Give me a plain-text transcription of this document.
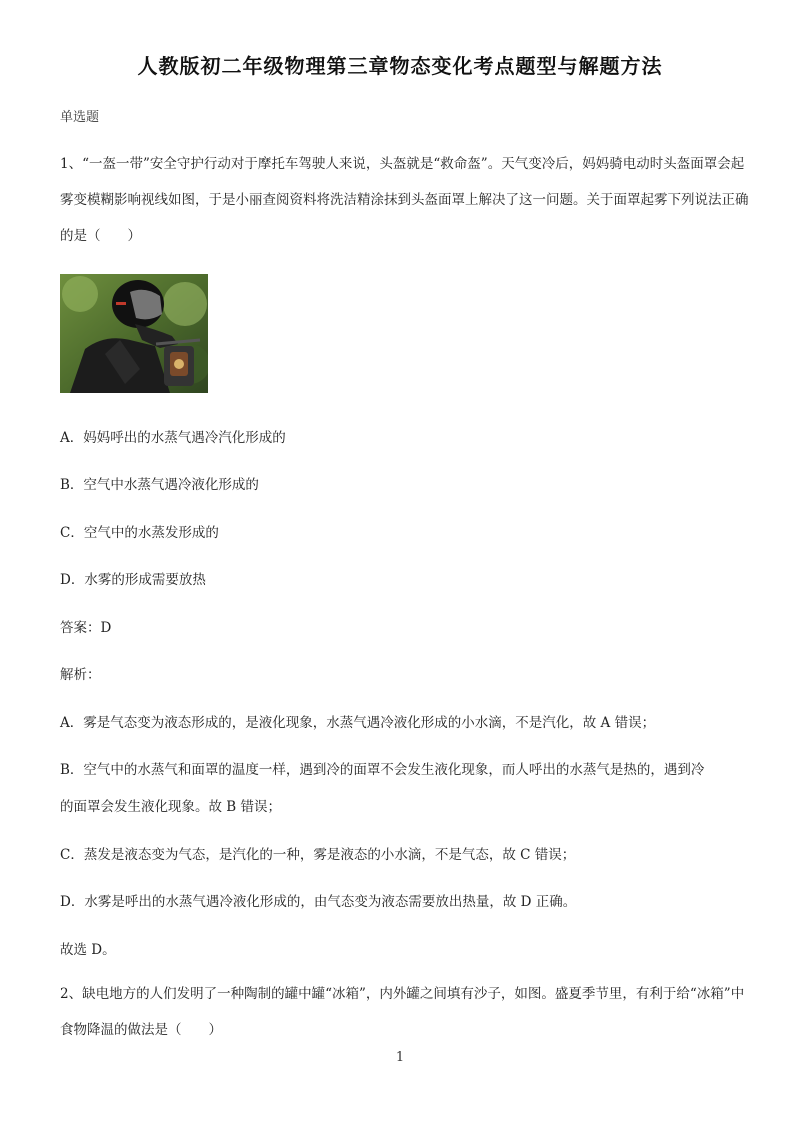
人教版初二年级物理第三章物态变化考点题型与解题方法
单选题

1、“一盔一带”安全守护行动对于摩托车驾驶人来说，头盔就是“救命盔”。天气变冷后，妈妈骑电动时头盔面罩会起雾变模糊影响视线如图，于是小丽查阅资料将洗洁精涂抹到头盔面罩上解决了这一问题。关于面罩起雾下列说法正确的是（　　）

A．妈妈呼出的水蒸气遇冷汽化形成的
B．空气中水蒸气遇冷液化形成的
C．空气中的水蒸发形成的
D．水雾的形成需要放热
答案：D
解析：
A．雾是气态变为液态形成的，是液化现象，水蒸气遇冷液化形成的小水滴，不是汽化，故 A 错误；
B．空气中的水蒸气和面罩的温度一样，遇到冷的面罩不会发生液化现象，而人呼出的水蒸气是热的，遇到冷
的面罩会发生液化现象。故 B 错误；
C．蒸发是液态变为气态，是汽化的一种，雾是液态的小水滴，不是气态，故 C 错误；
D．水雾是呼出的水蒸气遇冷液化形成的，由气态变为液态需要放出热量，故 D 正确。
故选 D。

2、缺电地方的人们发明了一种陶制的罐中罐“冰箱”，内外罐之间填有沙子，如图。盛夏季节里，有利于给“冰箱”中食物降温的做法是（　　）

1
